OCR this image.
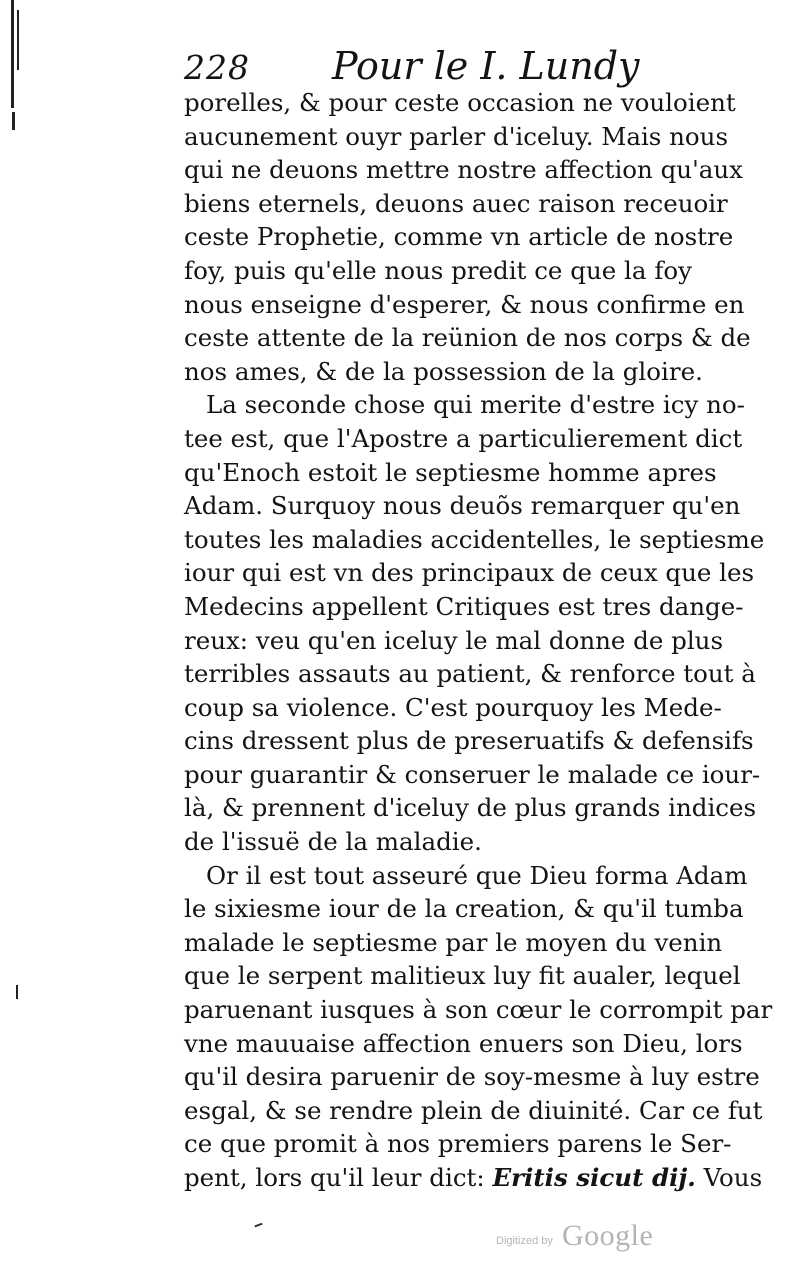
228 Pour le I. Lundy
porelles, & pour ceste occasion ne vouloient
aucunement ouyr parler d'iceluy. Mais nous
qui ne deuons mettre nostre affection qu'aux
biens eternels, deuons auec raison receuoir
ceste Prophetie, comme vn article de nostre
foy, puis qu'elle nous predit ce que la foy
nous enseigne d'esperer, & nous confirme en
ceste attente de la reünion de nos corps & de
nos ames, & de la possession de la gloire.
La seconde chose qui merite d'estre icy no-
tee est, que l'Apostre a particulierement dict
qu'Enoch estoit le septiesme homme apres
Adam. Surquoy nous deuõs remarquer qu'en
toutes les maladies accidentelles, le septiesme
iour qui est vn des principaux de ceux que les
Medecins appellent Critiques est tres dange-
reux: veu qu'en iceluy le mal donne de plus
terribles assauts au patient, & renforce tout à
coup sa violence. C'est pourquoy les Mede-
cins dressent plus de preseruatifs & defensifs
pour guarantir & conseruer le malade ce iour-
là, & prennent d'iceluy de plus grands indices
de l'issuë de la maladie.
Or il est tout asseuré que Dieu forma Adam
le sixiesme iour de la creation, & qu'il tumba
malade le septiesme par le moyen du venin
que le serpent malitieux luy fit aualer, lequel
paruenant iusques à son cœur le corrompit par
vne mauuaise affection enuers son Dieu, lors
qu'il desira paruenir de soy-mesme à luy estre
esgal, & se rendre plein de diuinité. Car ce fut
ce que promit à nos premiers parens le Ser-
pent, lors qu'il leur dict: Eritis sicut dij. Vous
Digitized by Google
